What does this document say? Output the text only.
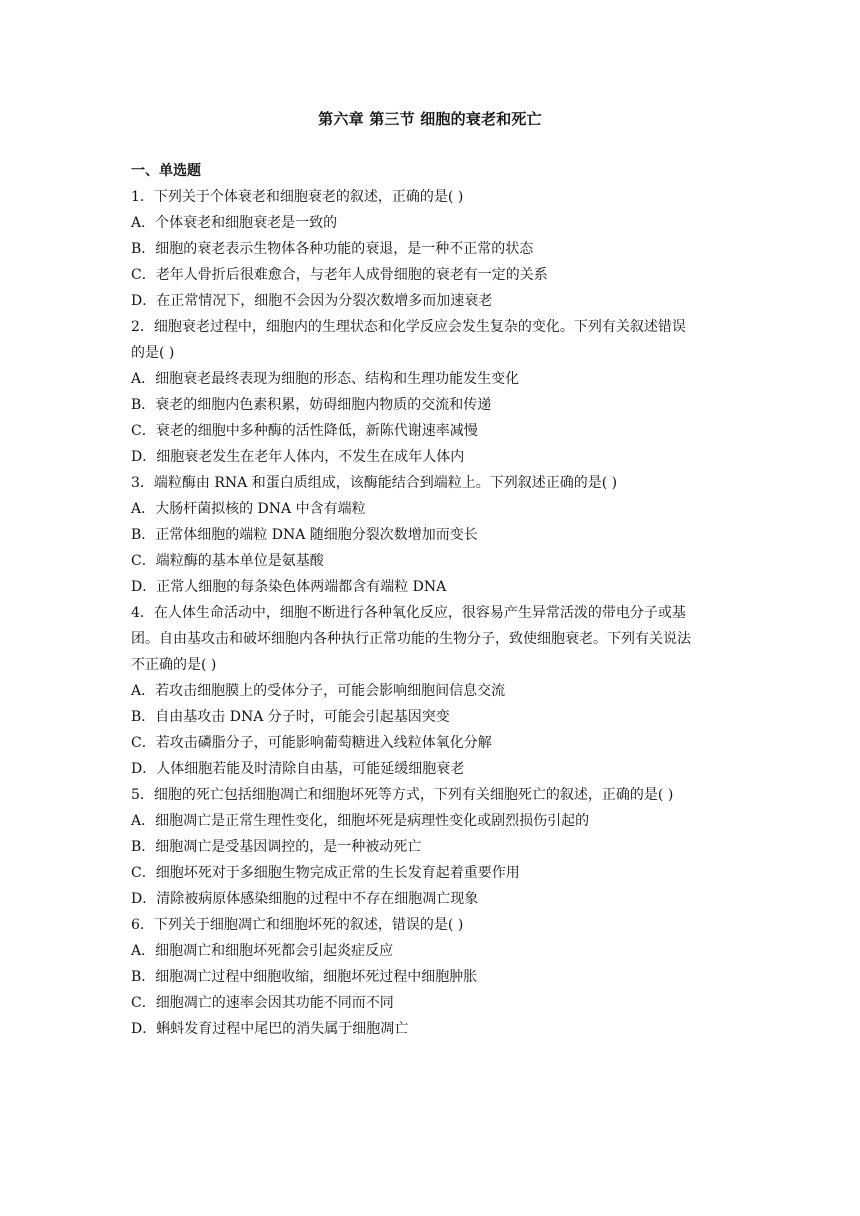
第六章 第三节 细胞的衰老和死亡
一、单选题
1．下列关于个体衰老和细胞衰老的叙述，正确的是( )
A．个体衰老和细胞衰老是一致的
B．细胞的衰老表示生物体各种功能的衰退，是一种不正常的状态
C．老年人骨折后很难愈合，与老年人成骨细胞的衰老有一定的关系
D．在正常情况下，细胞不会因为分裂次数增多而加速衰老
2．细胞衰老过程中，细胞内的生理状态和化学反应会发生复杂的变化。下列有关叙述错误
的是( )
A．细胞衰老最终表现为细胞的形态、结构和生理功能发生变化
B．衰老的细胞内色素积累，妨碍细胞内物质的交流和传递
C．衰老的细胞中多种酶的活性降低，新陈代谢速率减慢
D．细胞衰老发生在老年人体内，不发生在成年人体内
3．端粒酶由 RNA 和蛋白质组成，该酶能结合到端粒上。下列叙述正确的是( )
A．大肠杆菌拟核的 DNA 中含有端粒
B．正常体细胞的端粒 DNA 随细胞分裂次数增加而变长
C．端粒酶的基本单位是氨基酸
D．正常人细胞的每条染色体两端都含有端粒 DNA
4．在人体生命活动中，细胞不断进行各种氧化反应，很容易产生异常活泼的带电分子或基
团。自由基攻击和破坏细胞内各种执行正常功能的生物分子，致使细胞衰老。下列有关说法
不正确的是( )
A．若攻击细胞膜上的受体分子，可能会影响细胞间信息交流
B．自由基攻击 DNA 分子时，可能会引起基因突变
C．若攻击磷脂分子，可能影响葡萄糖进入线粒体氧化分解
D．人体细胞若能及时清除自由基，可能延缓细胞衰老
5．细胞的死亡包括细胞凋亡和细胞坏死等方式，下列有关细胞死亡的叙述，正确的是( )
A．细胞凋亡是正常生理性变化，细胞坏死是病理性变化或剧烈损伤引起的
B．细胞凋亡是受基因调控的，是一种被动死亡
C．细胞坏死对于多细胞生物完成正常的生长发育起着重要作用
D．清除被病原体感染细胞的过程中不存在细胞凋亡现象
6．下列关于细胞凋亡和细胞坏死的叙述，错误的是( )
A．细胞凋亡和细胞坏死都会引起炎症反应
B．细胞凋亡过程中细胞收缩，细胞坏死过程中细胞肿胀
C．细胞凋亡的速率会因其功能不同而不同
D．蝌蚪发育过程中尾巴的消失属于细胞凋亡
